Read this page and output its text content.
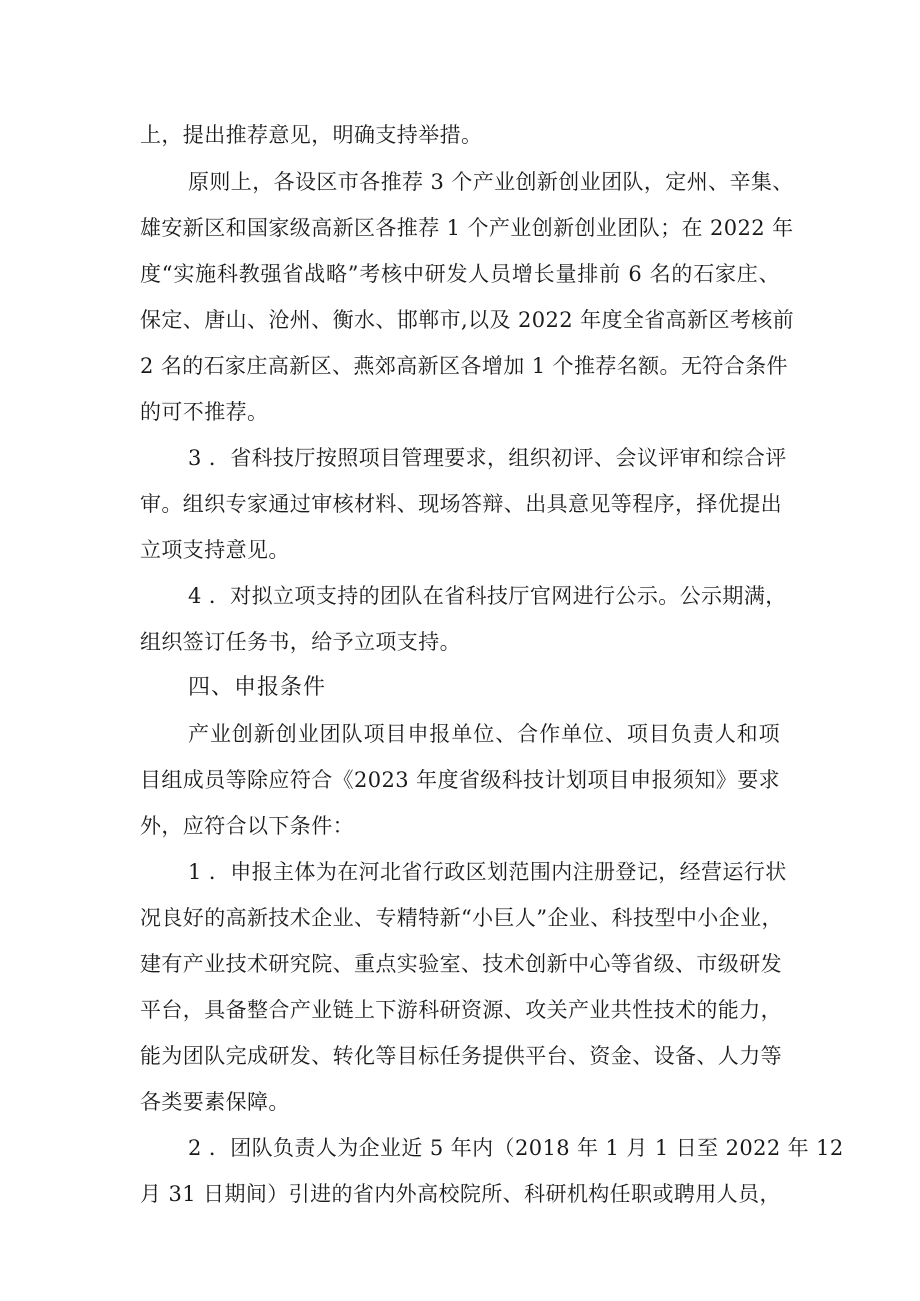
上，提出推荐意见，明确支持举措。
原则上，各设区市各推荐 3 个产业创新创业团队，定州、辛集、
雄安新区和国家级高新区各推荐 1 个产业创新创业团队；在 2022 年
度“实施科教强省战略”考核中研发人员增长量排前 6 名的石家庄、
保定、唐山、沧州、衡水、邯郸市,以及 2022 年度全省高新区考核前
2 名的石家庄高新区、燕郊高新区各增加 1 个推荐名额。无符合条件
的可不推荐。
3 ．省科技厅按照项目管理要求，组织初评、会议评审和综合评
审。组织专家通过审核材料、现场答辩、出具意见等程序，择优提出
立项支持意见。
4 ．对拟立项支持的团队在省科技厅官网进行公示。公示期满，
组织签订任务书，给予立项支持。
四、申报条件
产业创新创业团队项目申报单位、合作单位、项目负责人和项
目组成员等除应符合《2023 年度省级科技计划项目申报须知》要求
外，应符合以下条件：
1 ．申报主体为在河北省行政区划范围内注册登记，经营运行状
况良好的高新技术企业、专精特新“小巨人”企业、科技型中小企业，
建有产业技术研究院、重点实验室、技术创新中心等省级、市级研发
平台，具备整合产业链上下游科研资源、攻关产业共性技术的能力，
能为团队完成研发、转化等目标任务提供平台、资金、设备、人力等
各类要素保障。
2 ．团队负责人为企业近 5 年内（2018 年 1 月 1 日至 2022 年 12
月 31 日期间）引进的省内外高校院所、科研机构任职或聘用人员，
